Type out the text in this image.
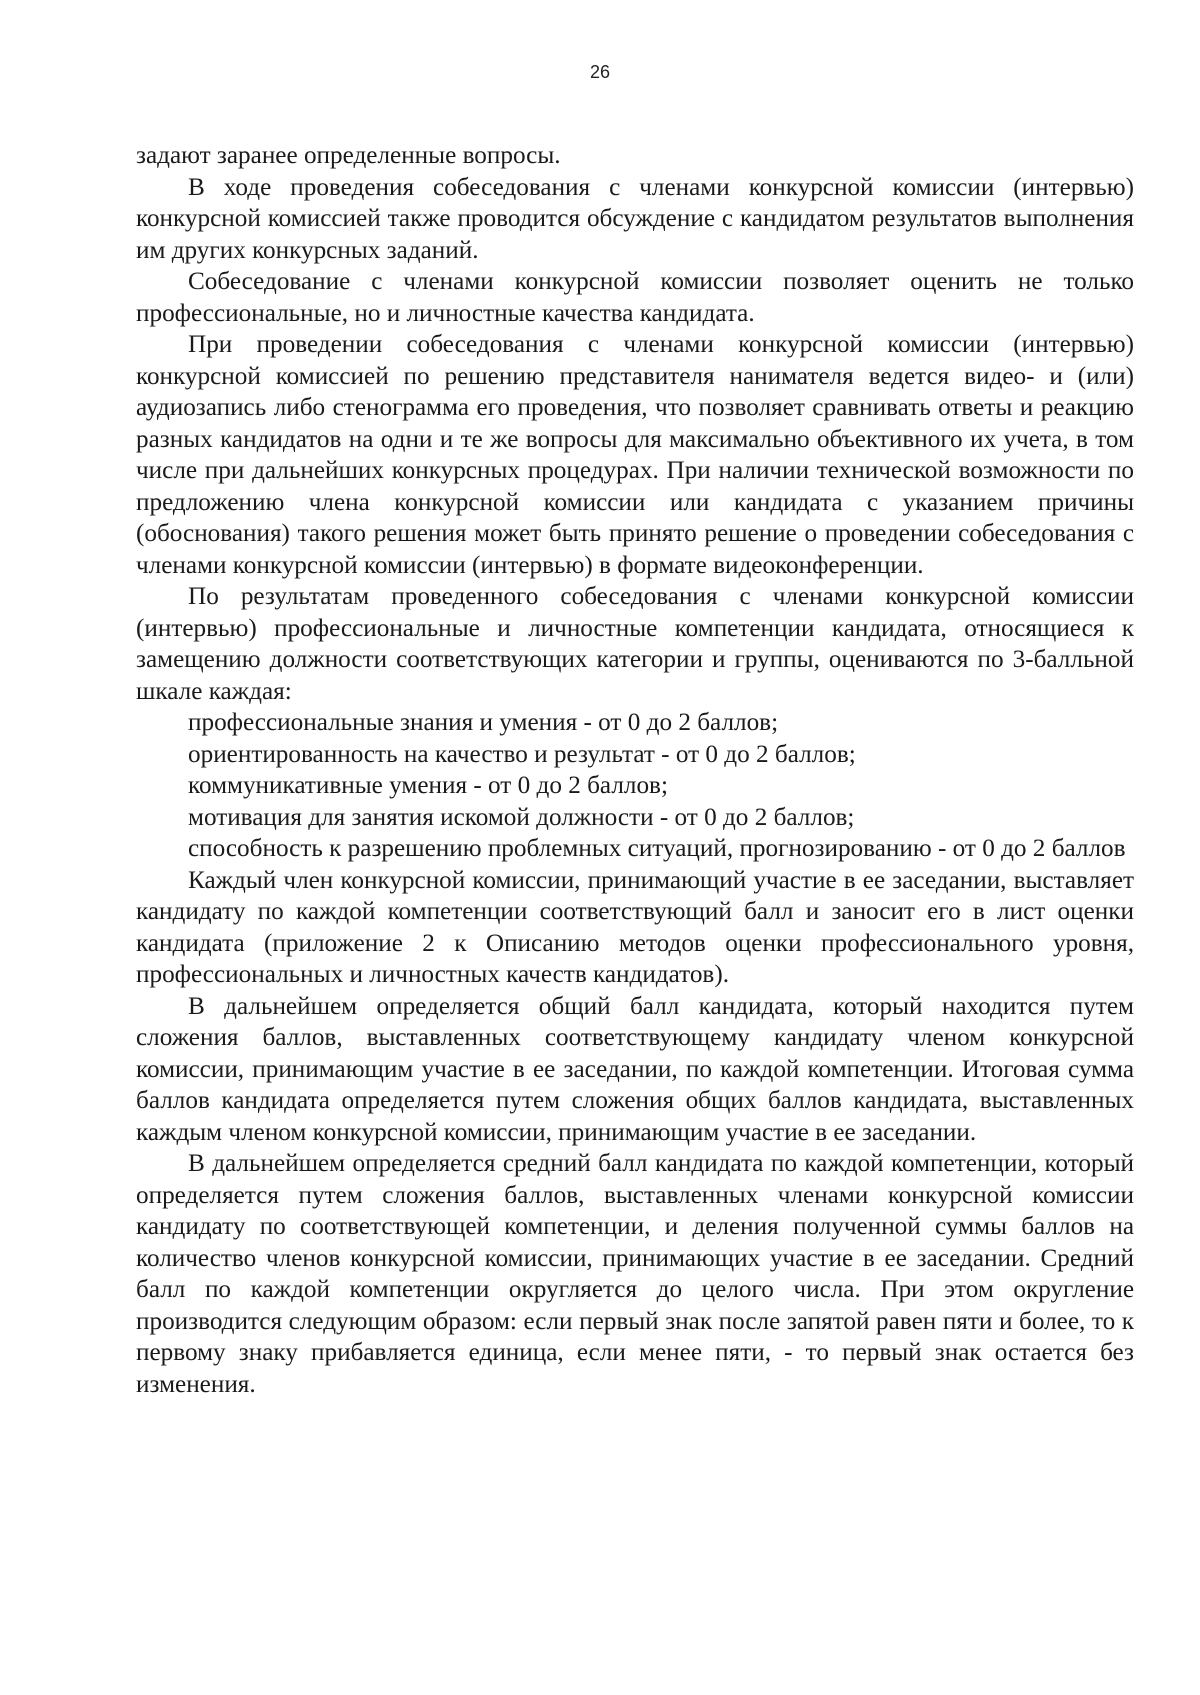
26

задают заранее определенные вопросы.

В ходе проведения собеседования с членами конкурсной комиссии (интервью) конкурсной комиссией также проводится обсуждение с кандидатом результатов выполнения им других конкурсных заданий.

Собеседование с членами конкурсной комиссии позволяет оценить не только профессиональные, но и личностные качества кандидата.

При проведении собеседования с членами конкурсной комиссии (интервью) конкурсной комиссией по решению представителя нанимателя ведется видео- и (или) аудиозапись либо стенограмма его проведения, что позволяет сравнивать ответы и реакцию разных кандидатов на одни и те же вопросы для максимально объективного их учета, в том числе при дальнейших конкурсных процедурах. При наличии технической возможности по предложению члена конкурсной комиссии или кандидата с указанием причины (обоснования) такого решения может быть принято решение о проведении собеседования с членами конкурсной комиссии (интервью) в формате видеоконференции.

По результатам проведенного собеседования с членами конкурсной комиссии (интервью) профессиональные и личностные компетенции кандидата, относящиеся к замещению должности соответствующих категории и группы, оцениваются по 3-балльной шкале каждая:

профессиональные знания и умения - от 0 до 2 баллов;

ориентированность на качество и результат - от 0 до 2 баллов;

коммуникативные умения - от 0 до 2 баллов;

мотивация для занятия искомой должности - от 0 до 2 баллов;

способность к разрешению проблемных ситуаций, прогнозированию - от 0 до 2 баллов

Каждый член конкурсной комиссии, принимающий участие в ее заседании, выставляет кандидату по каждой компетенции соответствующий балл и заносит его в лист оценки кандидата (приложение 2 к Описанию методов оценки профессионального уровня, профессиональных и личностных качеств кандидатов).

В дальнейшем определяется общий балл кандидата, который находится путем сложения баллов, выставленных соответствующему кандидату членом конкурсной комиссии, принимающим участие в ее заседании, по каждой компетенции. Итоговая сумма баллов кандидата определяется путем сложения общих баллов кандидата, выставленных каждым членом конкурсной комиссии, принимающим участие в ее заседании.

В дальнейшем определяется средний балл кандидата по каждой компетенции, который определяется путем сложения баллов, выставленных членами конкурсной комиссии кандидату по соответствующей компетенции, и деления полученной суммы баллов на количество членов конкурсной комиссии, принимающих участие в ее заседании. Средний балл по каждой компетенции округляется до целого числа. При этом округление производится следующим образом: если первый знак после запятой равен пяти и более, то к первому знаку прибавляется единица, если менее пяти, - то первый знак остается без изменения.
